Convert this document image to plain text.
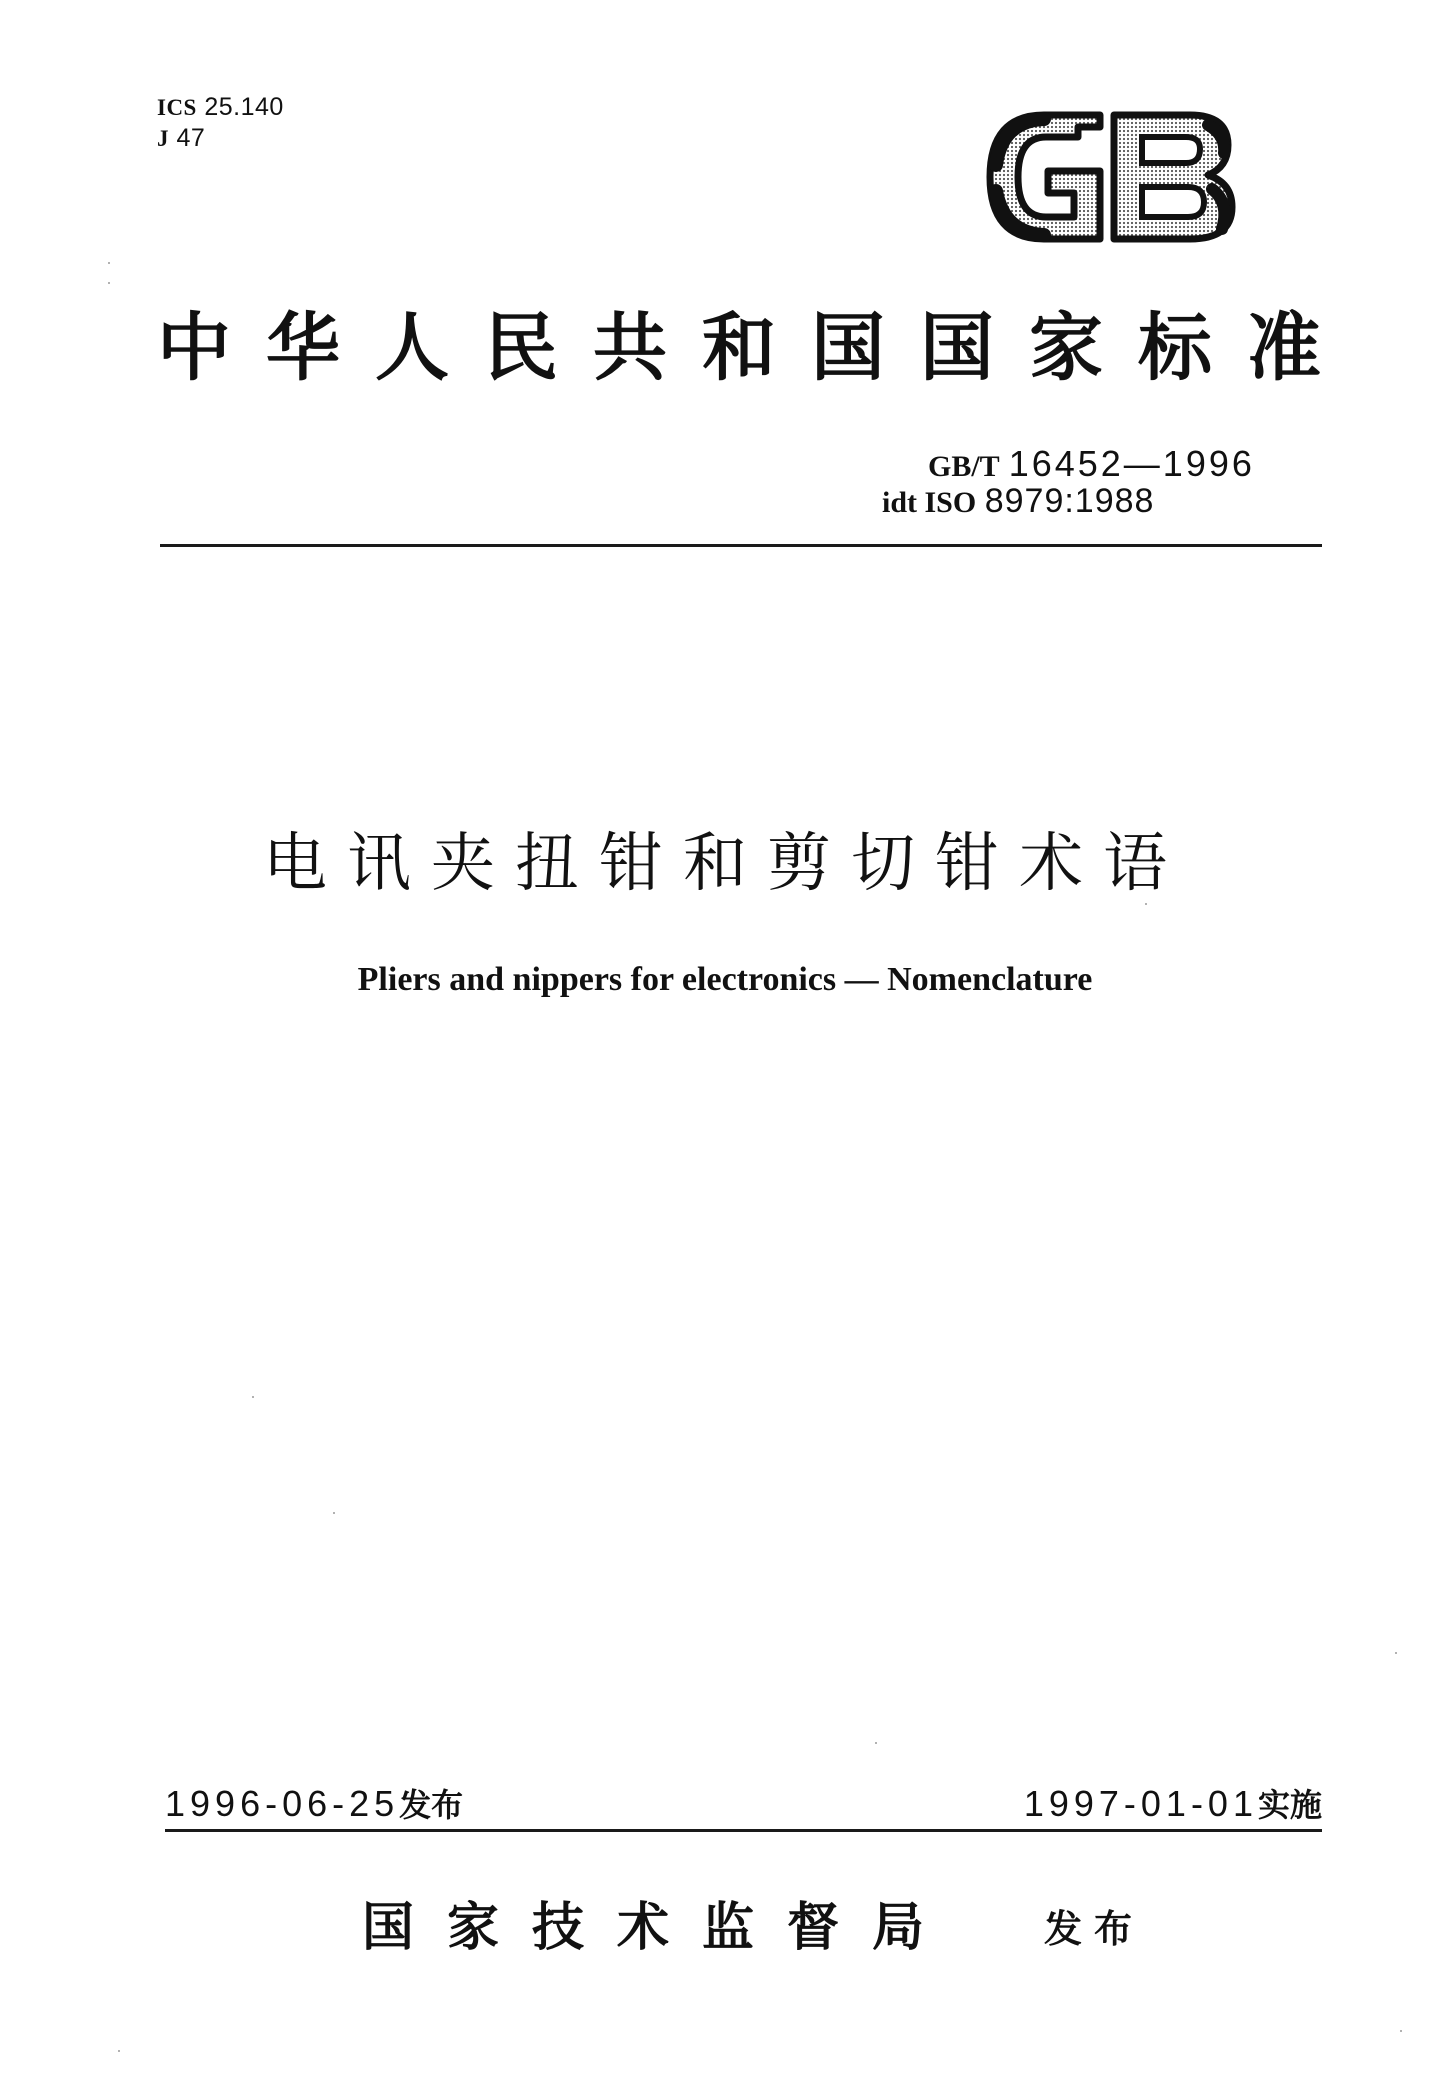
ICS 25.140
J 47
中华人民共和国国家标准
GB/T 16452—1996
idt ISO 8979:1988
电讯夹扭钳和剪切钳术语
Pliers and nippers for electronics — Nomenclature
1996-06-25发布	1997-01-01实施
国家技术监督局 发布
